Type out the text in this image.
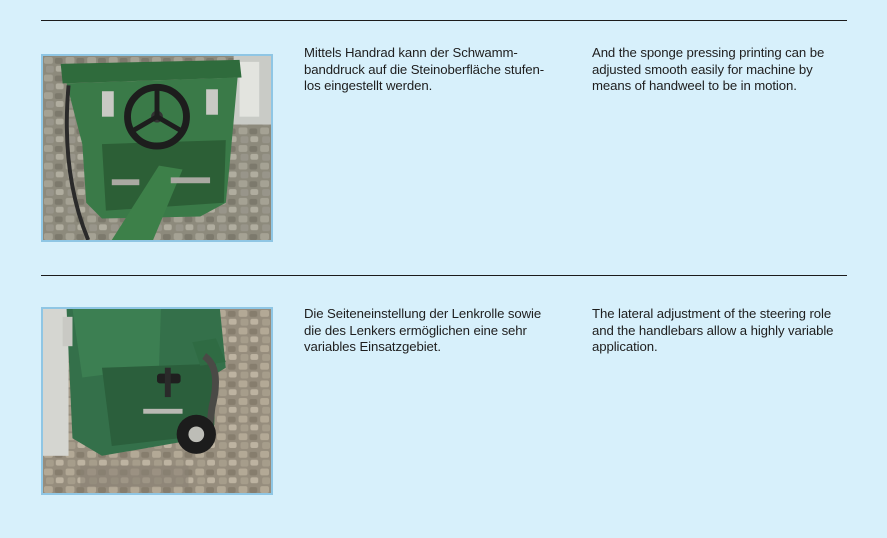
Mittels Handrad kann der Schwamm-
banddruck auf die Steinoberfläche stufen-
los eingestellt werden.
And the sponge pressing printing can be
adjusted smooth easily for machine by
means of handweel to be in motion.
Die Seiteneinstellung der Lenkrolle sowie
die des Lenkers ermöglichen eine sehr
variables Einsatzgebiet.
The lateral adjustment of the steering role
and the handlebars allow a highly variable
application.
